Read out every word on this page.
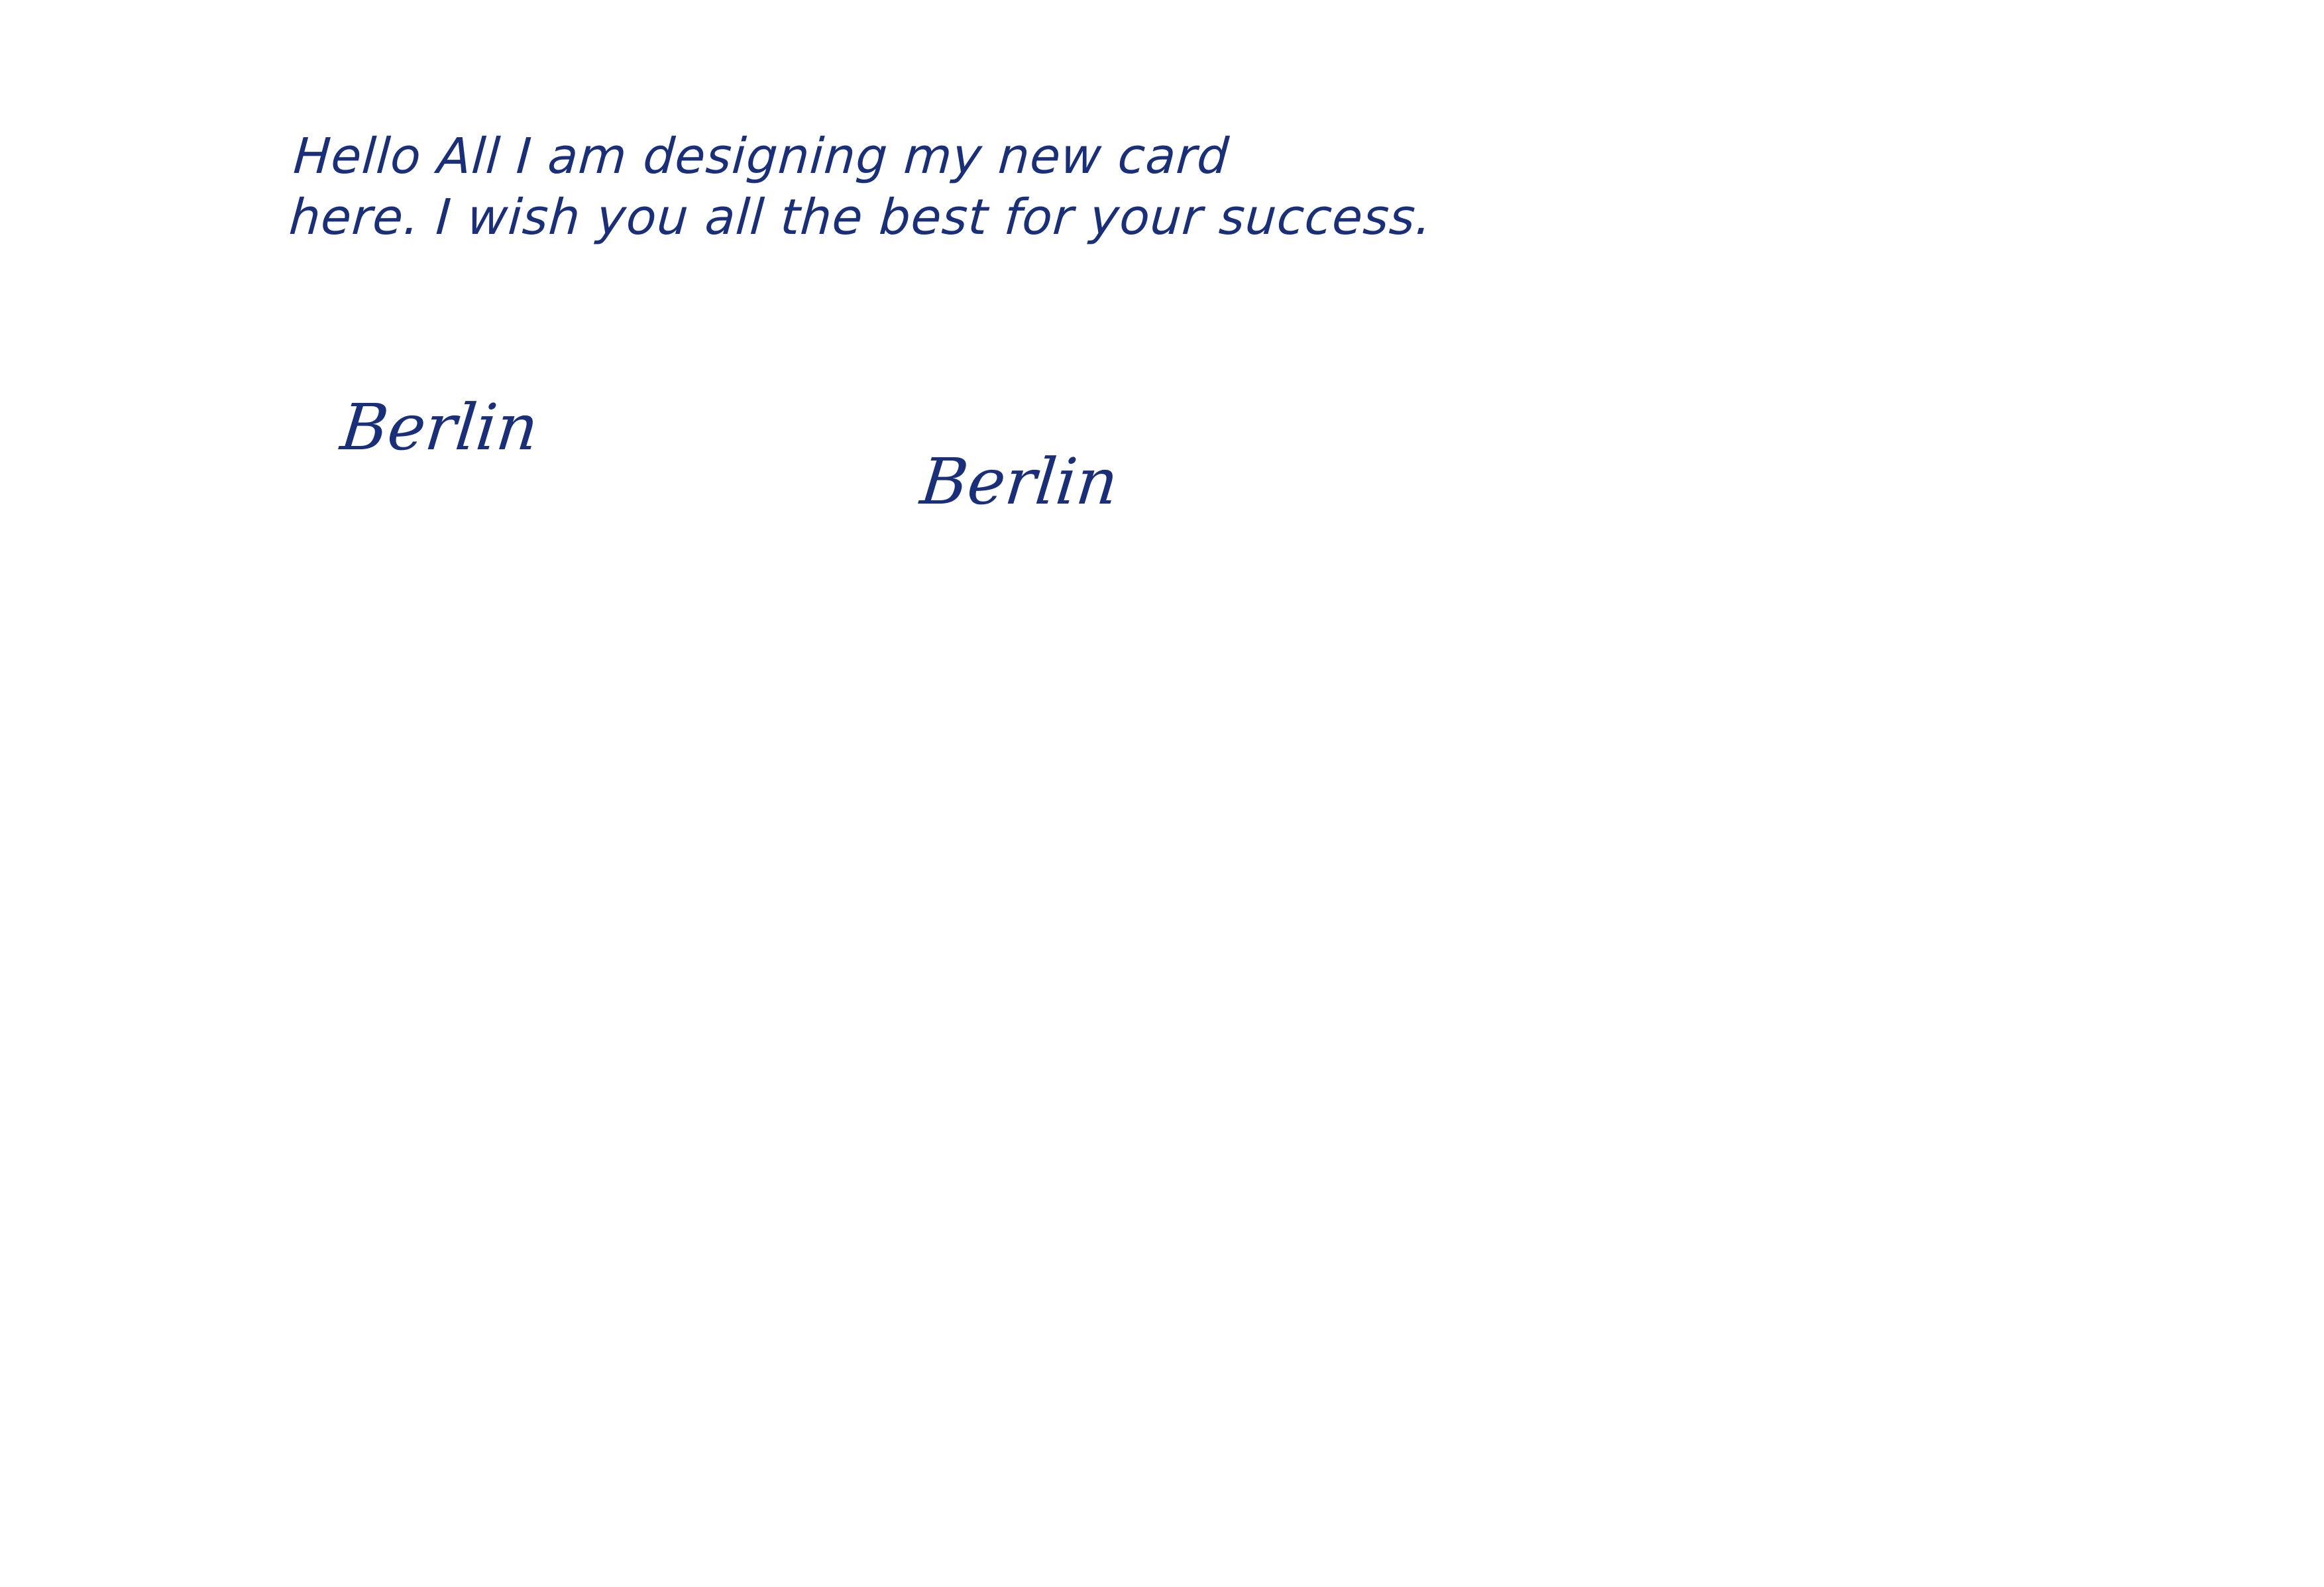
Hello All I am designing my new card
here. I wish you all the best for your success.

Berlin
Berlin
